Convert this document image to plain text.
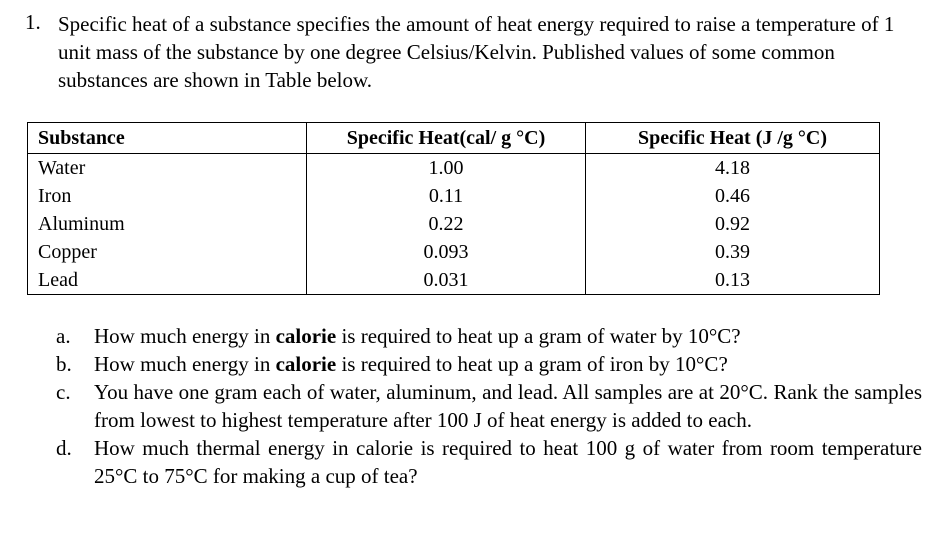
1. Specific heat of a substance specifies the amount of heat energy required to raise a temperature of 1 unit mass of the substance by one degree Celsius/Kelvin. Published values of some common substances are shown in Table below.
Substance	Specific Heat(cal/ g °C)	Specific Heat (J /g °C)
Water	1.00	4.18
Iron	0.11	0.46
Aluminum	0.22	0.92
Copper	0.093	0.39
Lead	0.031	0.13
a.	How much energy in calorie is required to heat up a gram of water by 10°C?
b.	How much energy in calorie is required to heat up a gram of iron by 10°C?
c.	You have one gram each of water, aluminum, and lead. All samples are at 20°C. Rank the samples from lowest to highest temperature after 100 J of heat energy is added to each.
d.	How much thermal energy in calorie is required to heat 100 g of water from room temperature 25°C to 75°C for making a cup of tea?
